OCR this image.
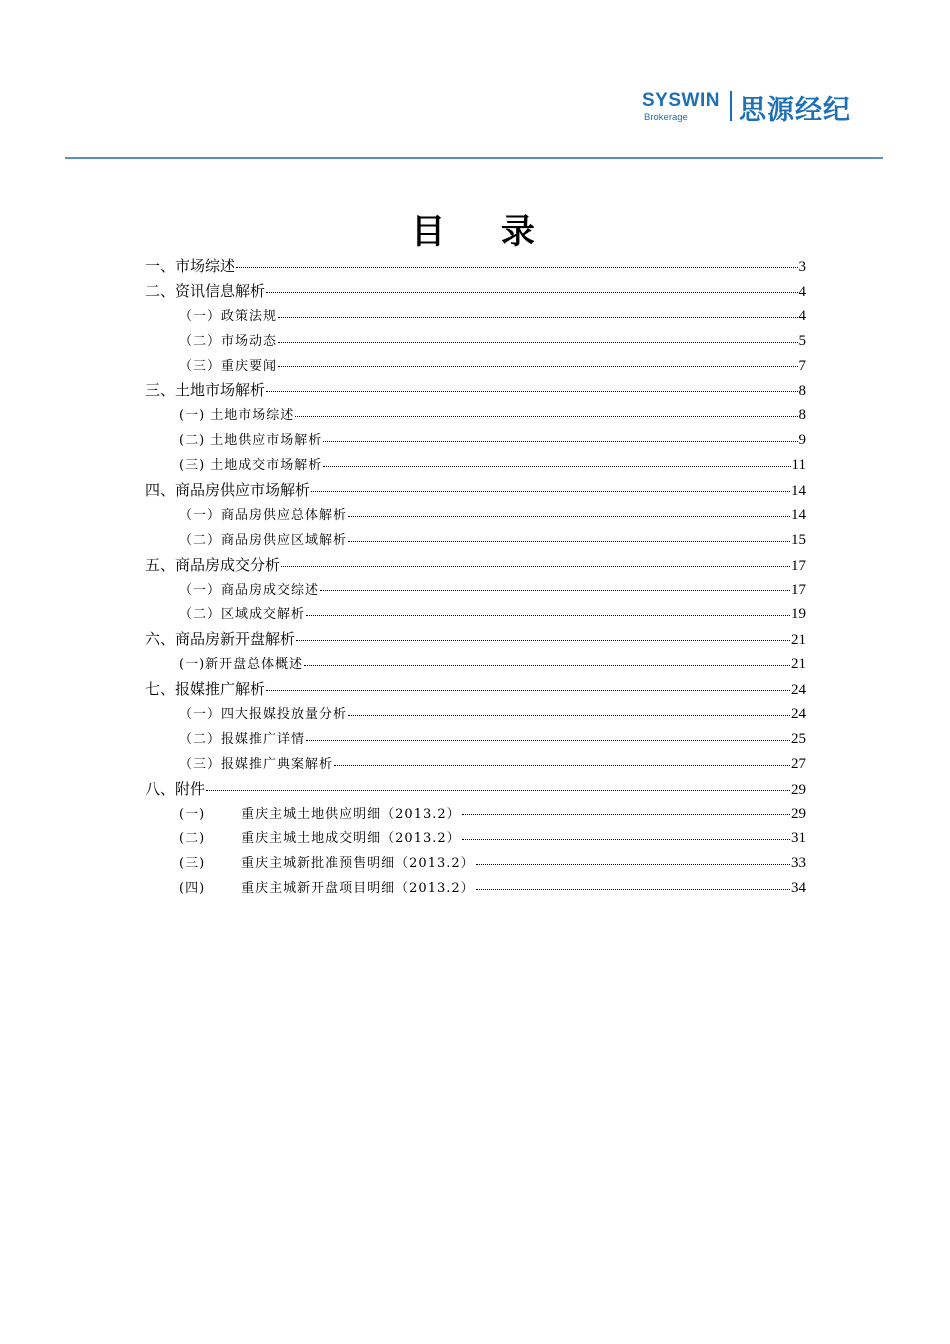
SYSWIN
Brokerage 思源经纪
目 录
一、市场综述	3
二、资讯信息解析	4
（一）政策法规	4
（二）市场动态	5
（三）重庆要闻	7
三、土地市场解析	8
(一) 土地市场综述	8
(二) 土地供应市场解析	9
(三) 土地成交市场解析	11
四、商品房供应市场解析	14
（一）商品房供应总体解析	14
（二）商品房供应区域解析	15
五、商品房成交分析	17
（一）商品房成交综述	17
（二）区域成交解析	19
六、商品房新开盘解析	21
(一)新开盘总体概述	21
七、报媒推广解析	24
（一）四大报媒投放量分析	24
（二）报媒推广详情	25
（三）报媒推广典案解析	27
八、附件	29
(一)	重庆主城土地供应明细（2013.2）	29
(二)	重庆主城土地成交明细（2013.2）	31
(三)	重庆主城新批准预售明细（2013.2）	33
(四)	重庆主城新开盘项目明细（2013.2）	34
